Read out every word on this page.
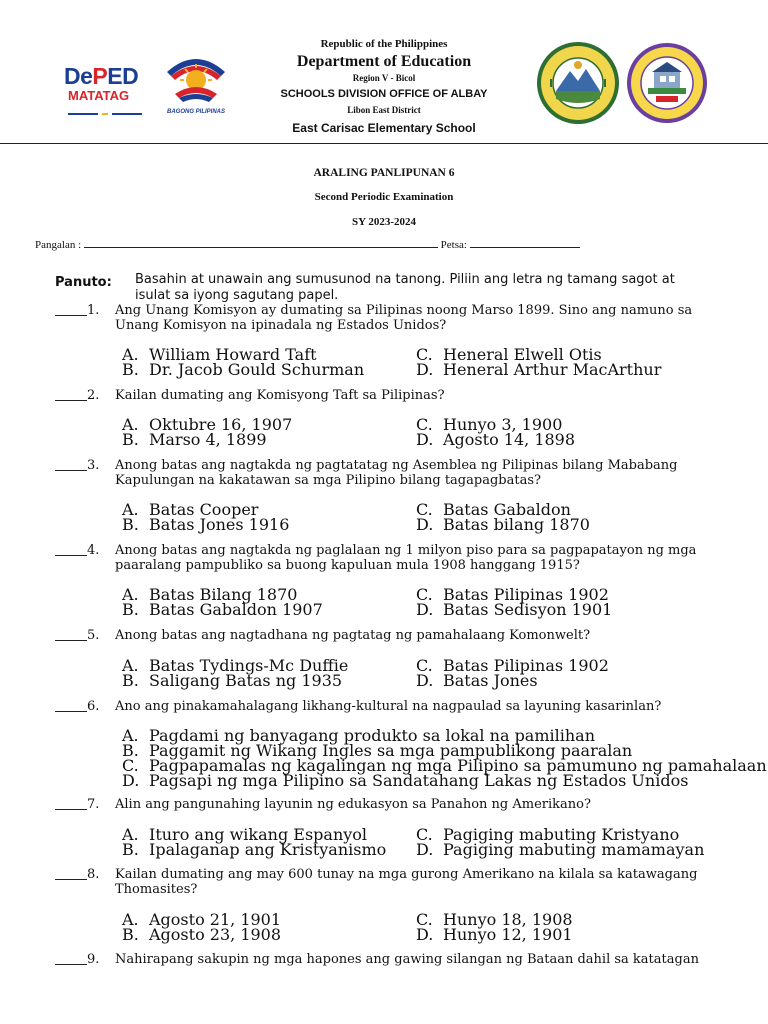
DePED
MATATAG
BAGONG PILIPINAS
Republic of the Philippines
Department of Education
Region V - Bicol
SCHOOLS DIVISION OFFICE OF ALBAY
Libon East District
East Carisac Elementary School
ARALING PANLIPUNAN 6
Second Periodic Examination
SY 2023-2024
Pangalan :	Petsa:
Panuto: Basahin at unawain ang sumusunod na tanong. Piliin ang letra ng tamang sagot at isulat sa iyong sagutang papel.
1. Ang Unang Komisyon ay dumating sa Pilipinas noong Marso 1899. Sino ang namuno sa Unang Komisyon na ipinadala ng Estados Unidos?
A. William Howard Taft
B. Dr. Jacob Gould Schurman
C. Heneral Elwell Otis
D. Heneral Arthur MacArthur
2. Kailan dumating ang Komisyong Taft sa Pilipinas?
A. Oktubre 16, 1907
B. Marso 4, 1899
C. Hunyo 3, 1900
D. Agosto 14, 1898
3. Anong batas ang nagtakda ng pagtatatag ng Asemblea ng Pilipinas bilang Mababang Kapulungan na kakatawan sa mga Pilipino bilang tagapagbatas?
A. Batas Cooper
B. Batas Jones 1916
C. Batas Gabaldon
D. Batas bilang 1870
4. Anong batas ang nagtakda ng paglalaan ng 1 milyon piso para sa pagpapatayon ng mga paaralang pampubliko sa buong kapuluan mula 1908 hanggang 1915?
A. Batas Bilang 1870
B. Batas Gabaldon 1907
C. Batas Pilipinas 1902
D. Batas Sedisyon 1901
5. Anong batas ang nagtadhana ng pagtatag ng pamahalaang Komonwelt?
A. Batas Tydings-Mc Duffie
B. Saligang Batas ng 1935
C. Batas Pilipinas 1902
D. Batas Jones
6. Ano ang pinakamahalagang likhang-kultural na nagpaulad sa layuning kasarinlan?
A. Pagdami ng banyagang produkto sa lokal na pamilihan
B. Paggamit ng Wikang Ingles sa mga pampublikong paaralan
C. Pagpapamalas ng kagalingan ng mga Pilipino sa pamumuno ng pamahalaan
D. Pagsapi ng mga Pilipino sa Sandatahang Lakas ng Estados Unidos
7. Alin ang pangunahing layunin ng edukasyon sa Panahon ng Amerikano?
A. Ituro ang wikang Espanyol
B. Ipalaganap ang Kristyanismo
C. Pagiging mabuting Kristyano
D. Pagiging mabuting mamamayan
8. Kailan dumating ang may 600 tunay na mga gurong Amerikano na kilala sa katawagang Thomasites?
A. Agosto 21, 1901
B. Agosto 23, 1908
C. Hunyo 18, 1908
D. Hunyo 12, 1901
9. Nahirapang sakupin ng mga hapones ang gawing silangan ng Bataan dahil sa katatagan
